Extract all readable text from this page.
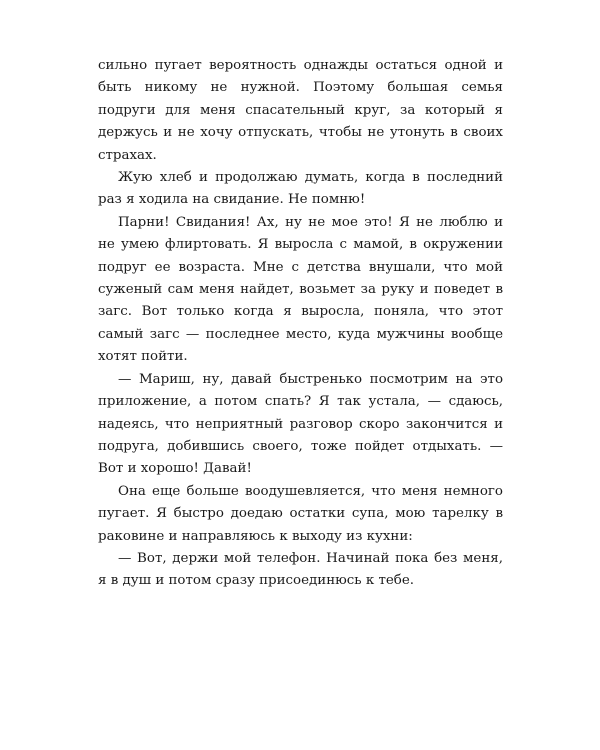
сильно пугает вероятность однажды остаться одной и быть никому не нужной. Поэтому большая семья подруги для меня спасательный круг, за который я держусь и не хочу отпускать, чтобы не утонуть в своих страхах.

Жую хлеб и продолжаю думать, когда в последний раз я ходила на свидание. Не помню!

Парни! Свидания! Ах, ну не мое это! Я не люблю и не умею флиртовать. Я выросла с мамой, в окружении подруг ее возраста. Мне с детства внушали, что мой суженый сам меня найдет, возьмет за руку и поведет в загс. Вот только когда я выросла, поняла, что этот самый загс — последнее место, куда мужчины вообще хотят пойти.

— Мариш, ну, давай быстренько посмотрим на это приложение, а потом спать? Я так устала, — сдаюсь, надеясь, что неприятный разговор скоро закончится и подруга, добившись своего, тоже пойдет отдыхать. — Вот и хорошо! Давай!

Она еще больше воодушевляется, что меня немного пугает. Я быстро доедаю остатки супа, мою тарелку в раковине и направляюсь к выходу из кухни:

— Вот, держи мой телефон. Начинай пока без меня, я в душ и потом сразу присоединюсь к тебе.
